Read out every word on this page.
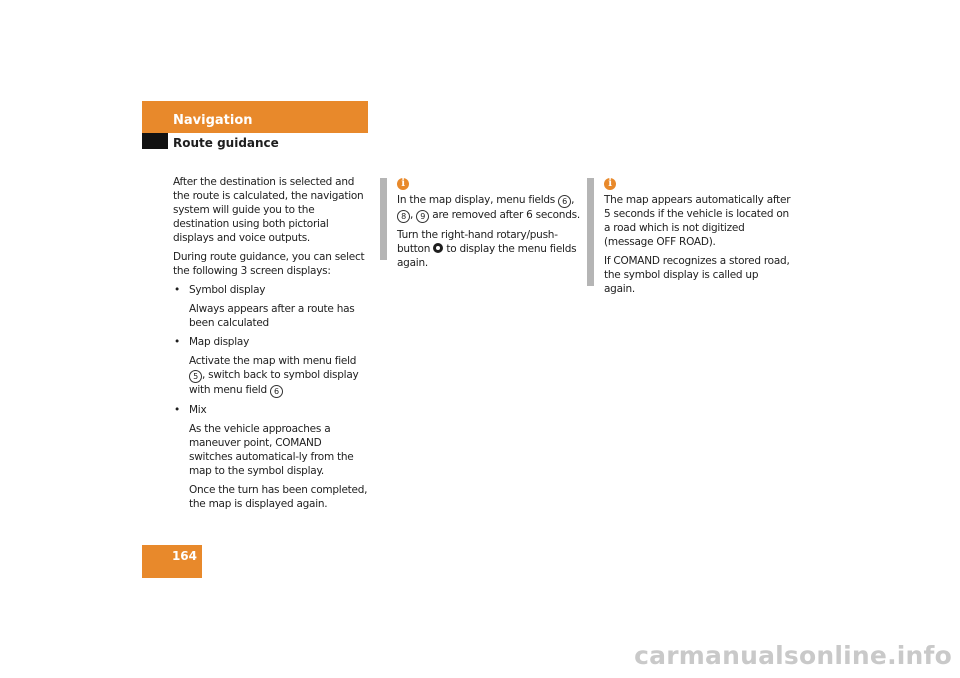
Navigation
Route guidance

After the destination is selected and the route is calculated, the navigation system will guide you to the destination using both pictorial displays and voice outputs.

During route guidance, you can select the following 3 screen displays:

• Symbol display
Always appears after a route has been calculated
• Map display
Activate the map with menu field 5 , switch back to symbol display with menu field 6
• Mix
As the vehicle approaches a maneuver point, COMAND switches automatical-ly from the map to the symbol display.
Once the turn has been completed, the map is displayed again.
i

In the map display, menu fields 6 , 8 , 9 are removed after 6 seconds.

Turn the right-hand rotary/push-button to display the menu fields again.

i

The map appears automatically after 5 seconds if the vehicle is located on a road which is not digitized (message OFF ROAD).

If COMAND recognizes a stored road, the symbol display is called up again.

164
carmanualsonline.info
